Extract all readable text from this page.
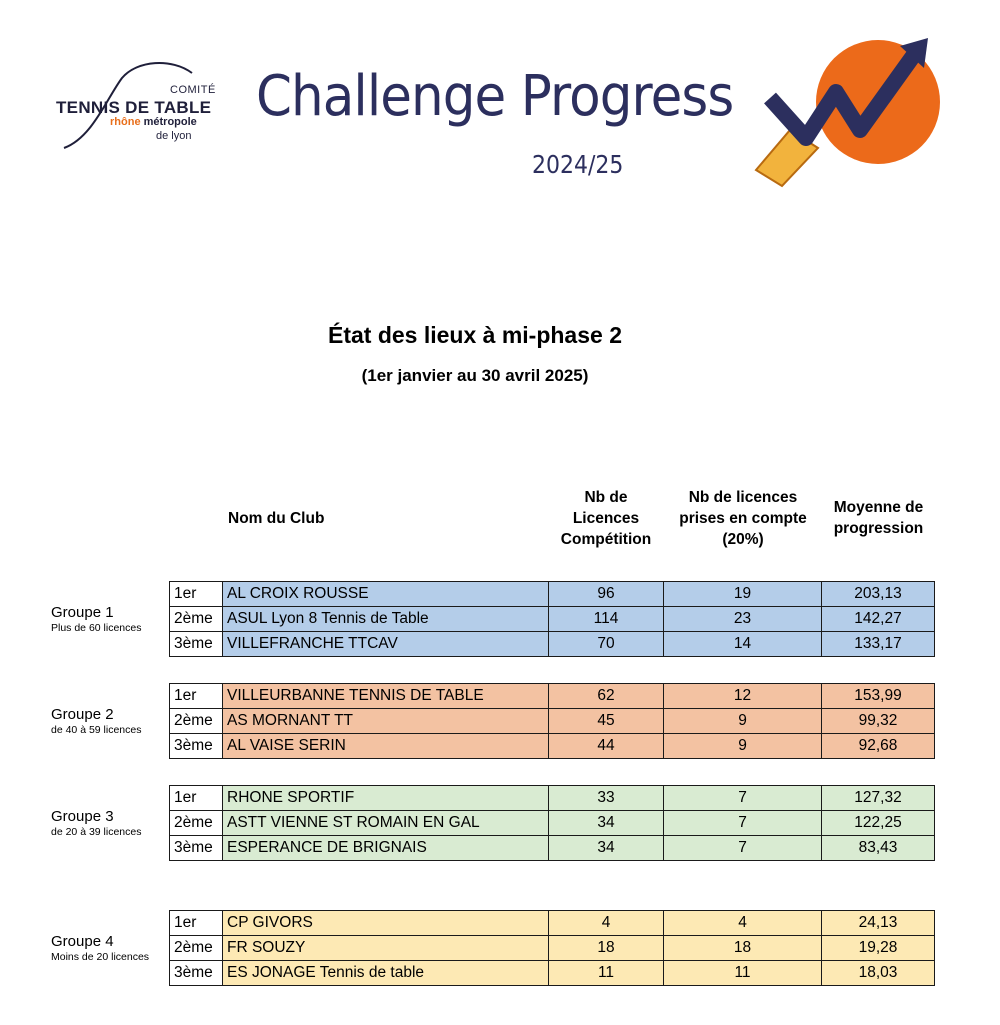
COMITÉ
TENNIS DE TABLE
rhône métropole
de lyon
Challenge Progress
2024/25
État des lieux à mi-phase 2
(1er janvier au 30 avril 2025)
Nom du Club
Nb de
Licences
Compétition
Nb de licences
prises en compte
(20%)
Moyenne de
progression
Groupe 1
Plus de 60 licences
1er	AL CROIX ROUSSE	96	19	203,13
2ème	ASUL Lyon 8 Tennis de Table	114	23	142,27
3ème	VILLEFRANCHE TTCAV	70	14	133,17
Groupe 2
de 40 à 59 licences
1er	VILLEURBANNE TENNIS DE TABLE	62	12	153,99
2ème	AS MORNANT TT	45	9	99,32
3ème	AL VAISE SERIN	44	9	92,68
Groupe 3
de 20 à 39 licences
1er	RHONE SPORTIF	33	7	127,32
2ème	ASTT VIENNE ST ROMAIN EN GAL	34	7	122,25
3ème	ESPERANCE DE BRIGNAIS	34	7	83,43
Groupe 4
Moins de 20 licences
1er	CP GIVORS	4	4	24,13
2ème	FR SOUZY	18	18	19,28
3ème	ES JONAGE Tennis de table	11	11	18,03
